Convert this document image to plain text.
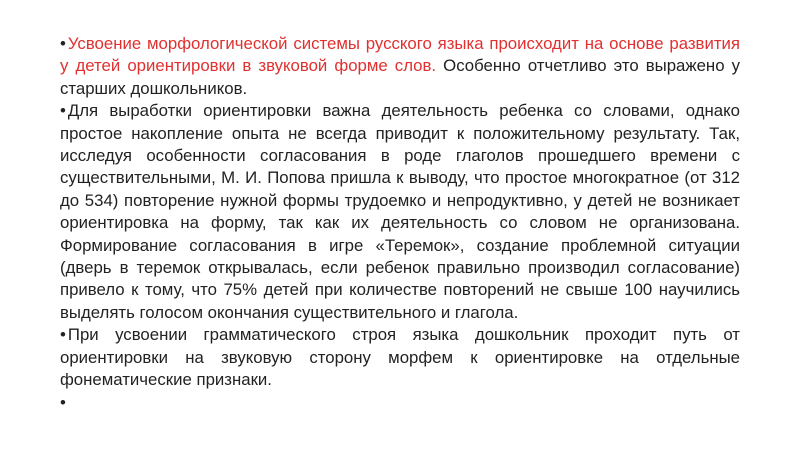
• Усвоение морфологической системы русского языка происходит на основе развития у детей ориентировки в звуковой форме слов. Особенно отчетливо это выражено у старших дошкольников.

• Для выработки ориентировки важна деятельность ребенка со словами, однако простое накопление опыта не всегда приводит к положительному результату. Так, исследуя особенности согласования в роде глаголов прошедшего времени с существительными, М. И. Попова пришла к выводу, что простое многократное (от 312 до 534) повторение нужной формы трудоемко и непродуктивно, у детей не возникает ориентировка на форму, так как их деятельность со словом не организована. Формирование согласования в игре «Теремок», создание проблемной ситуации (дверь в теремок открывалась, если ребенок правильно производил согласование) привело к тому, что 75% детей при количестве повторений не свыше 100 научились выделять голосом окончания существительного и глагола.

• При усвоении грамматического строя языка дошкольник проходит путь от ориентировки на звуковую сторону морфем к ориентировке на отдельные фонематические признаки.

•
